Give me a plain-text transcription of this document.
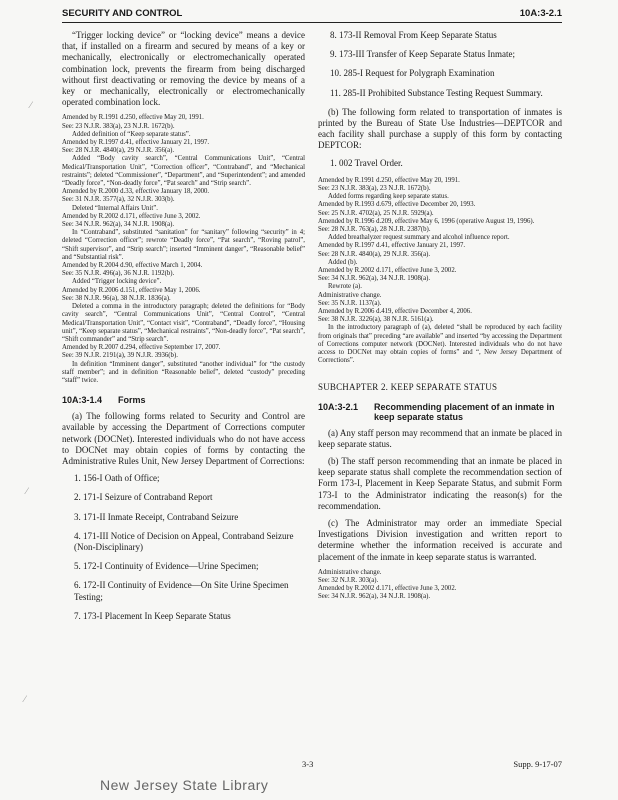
SECURITY AND CONTROL	10A:3-2.1
⁄
⁄
⁄

“Trigger locking device” or “locking device” means a device that, if installed on a firearm and secured by means of a key or mechanically, electronically or electromechanically operated combination lock, prevents the firearm from being discharged without first deactivating or removing the device by means of a key or mechanically, electronically or electromechanically operated combination lock.

Amended by R.1991 d.250, effective May 20, 1991.
See: 23 N.J.R. 383(a), 23 N.J.R. 1672(b).
Added definition of “Keep separate status”.
Amended by R.1997 d.41, effective January 21, 1997.
See: 28 N.J.R. 4840(a), 29 N.J.R. 356(a).
Added “Body cavity search”, “Central Communications Unit”, “Central Medical/Transportation Unit”, “Correction officer”, “Contraband”, and “Mechanical restraints”; deleted “Commissioner”, “Department”, and “Superintendent”; and amended “Deadly force”, “Non-deadly force”, “Pat search” and “Strip search”.
Amended by R.2000 d.33, effective January 18, 2000.
See: 31 N.J.R. 3577(a), 32 N.J.R. 303(b).
Deleted “Internal Affairs Unit”.
Amended by R.2002 d.171, effective June 3, 2002.
See: 34 N.J.R. 962(a), 34 N.J.R. 1908(a).
In “Contraband”, substituted “sanitation” for “sanitary” following “security” in 4; deleted “Correction officer”; rewrote “Deadly force”, “Pat search”, “Roving patrol”, “Shift supervisor”, and “Strip search”; inserted “Imminent danger”, “Reasonable belief” and “Substantial risk”.
Amended by R.2004 d.90, effective March 1, 2004.
See: 35 N.J.R. 496(a), 36 N.J.R. 1192(b).
Added “Trigger locking device”.
Amended by R.2006 d.151, effective May 1, 2006.
See: 38 N.J.R. 96(a), 38 N.J.R. 1836(a).
Deleted a comma in the introductory paragraph; deleted the definitions for “Body cavity search”, “Central Communications Unit”, “Central Control”, “Central Medical/Transportation Unit”, “Contact visit”, “Contraband”, “Deadly force”, “Housing unit”, “Keep separate status”, “Mechanical restraints”, “Non-deadly force”, “Pat search”, “Shift commander” and “Strip search”.
Amended by R.2007 d.294, effective September 17, 2007.
See: 39 N.J.R. 2191(a), 39 N.J.R. 3936(b).
In definition “Imminent danger”, substituted “another individual” for “the custody staff member”; and in definition “Reasonable belief”, deleted “custody” preceding “staff” twice.
10A:3-1.4	Forms

(a) The following forms related to Security and Control are available by accessing the Department of Corrections computer network (DOCNet). Interested individuals who do not have access to DOCNet may obtain copies of forms by contacting the Administrative Rules Unit, New Jersey Department of Corrections:

1. 156-I Oath of Office;
2. 171-I Seizure of Contraband Report
3. 171-II Inmate Receipt, Contraband Seizure
4. 171-III Notice of Decision on Appeal, Contraband Seizure (Non-Disciplinary)
5. 172-I Continuity of Evidence—Urine Specimen;
6. 172-II Continuity of Evidence—On Site Urine Specimen Testing;
7. 173-I Placement In Keep Separate Status
8. 173-II Removal From Keep Separate Status
9. 173-III Transfer of Keep Separate Status Inmate;
10. 285-I Request for Polygraph Examination
11. 285-II Prohibited Substance Testing Request Summary.

(b) The following form related to transportation of inmates is printed by the Bureau of State Use Industries—DEPTCOR and each facility shall purchase a supply of this form by contacting DEPTCOR:

1. 002 Travel Order.
Amended by R.1991 d.250, effective May 20, 1991.
See: 23 N.J.R. 383(a), 23 N.J.R. 1672(b).
Added forms regarding keep separate status.
Amended by R.1993 d.679, effective December 20, 1993.
See: 25 N.J.R. 4702(a), 25 N.J.R. 5929(a).
Amended by R.1996 d.209, effective May 6, 1996 (operative August 19, 1996).
See: 28 N.J.R. 763(a), 28 N.J.R. 2387(b).
Added breathalyzer request summary and alcohol influence report.
Amended by R.1997 d.41, effective January 21, 1997.
See: 28 N.J.R. 4840(a), 29 N.J.R. 356(a).
Added (b).
Amended by R.2002 d.171, effective June 3, 2002.
See: 34 N.J.R. 962(a), 34 N.J.R. 1908(a).
Rewrote (a).
Administrative change.
See: 35 N.J.R. 1137(a).
Amended by R.2006 d.419, effective December 4, 2006.
See: 38 N.J.R. 3226(a), 38 N.J.R. 5161(a).
In the introductory paragraph of (a), deleted “shall be reproduced by each facility from originals that” preceding “are available” and inserted “by accessing the Department of Corrections computer network (DOCNet). Interested individuals who do not have access to DOCNet may obtain copies of forms” and “, New Jersey Department of Corrections”.
SUBCHAPTER 2. KEEP SEPARATE STATUS
10A:3-2.1	Recommending placement of an inmate in keep separate status

(a) Any staff person may recommend that an inmate be placed in keep separate status.

(b) The staff person recommending that an inmate be placed in keep separate status shall complete the recommendation section of Form 173-I, Placement in Keep Separate Status, and submit Form 173-I to the Administrator indicating the reason(s) for the recommendation.

(c) The Administrator may order an immediate Special Investigations Division investigation and written report to determine whether the information received is accurate and placement of the inmate in keep separate status is warranted.

Administrative change.
See: 32 N.J.R. 303(a).
Amended by R.2002 d.171, effective June 3, 2002.
See: 34 N.J.R. 962(a), 34 N.J.R. 1908(a).
3-3	Supp. 9-17-07
New Jersey State Library
